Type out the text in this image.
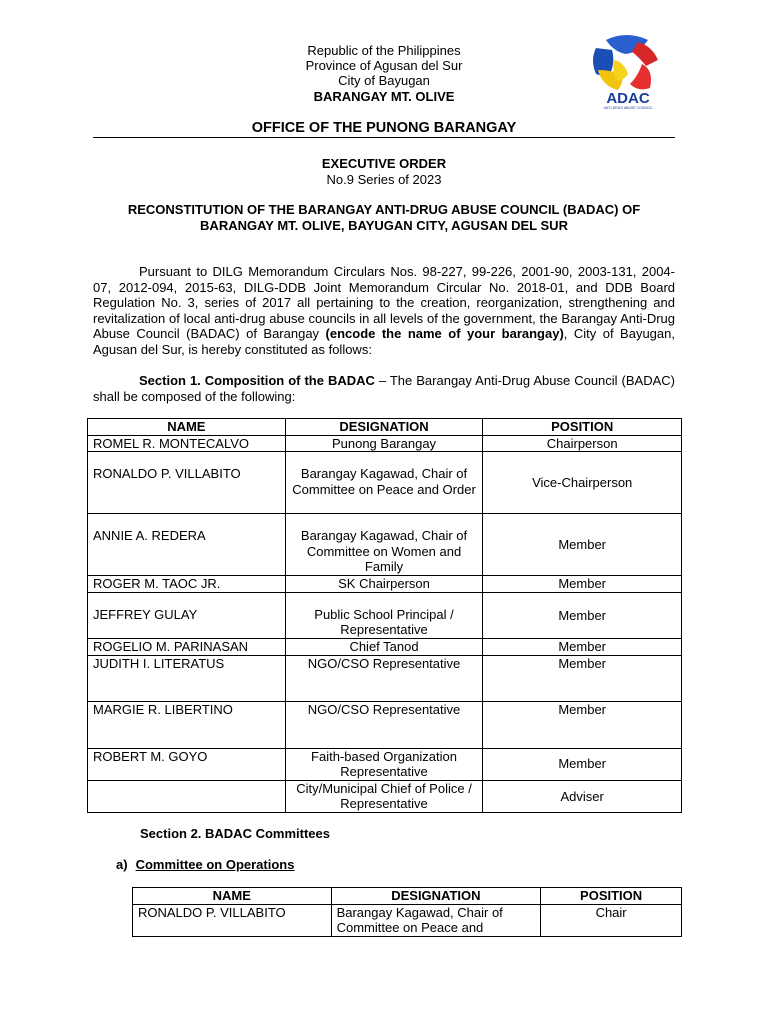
Republic of the Philippines
Province of Agusan del Sur
City of Bayugan
BARANGAY MT. OLIVE	ADAC
ANTI-DRUG ABUSE COUNCIL
OFFICE OF THE PUNONG BARANGAY
EXECUTIVE ORDER
No.9 Series of 2023
RECONSTITUTION OF THE BARANGAY ANTI-DRUG ABUSE COUNCIL (BADAC) OF
BARANGAY MT. OLIVE, BAYUGAN CITY, AGUSAN DEL SUR
Pursuant to DILG Memorandum Circulars Nos. 98-227, 99-226, 2001-90, 2003-131, 2004-07, 2012-094, 2015-63, DILG-DDB Joint Memorandum Circular No. 2018-01, and DDB Board Regulation No. 3, series of 2017 all pertaining to the creation, reorganization, strengthening and revitalization of local anti-drug abuse councils in all levels of the government, the Barangay Anti-Drug Abuse Council (BADAC) of Barangay (encode the name of your barangay), City of Bayugan, Agusan del Sur, is hereby constituted as follows:
Section 1. Composition of the BADAC – The Barangay Anti-Drug Abuse Council (BADAC) shall be composed of the following:
NAME	DESIGNATION	POSITION
ROMEL R. MONTECALVO	Punong Barangay	Chairperson
RONALDO P. VILLABITO	Barangay Kagawad, Chair of Committee on Peace and Order	Vice-Chairperson
ANNIE A. REDERA	Barangay Kagawad, Chair of Committee on Women and Family	Member
ROGER M. TAOC JR.	SK Chairperson	Member
JEFFREY GULAY	Public School Principal / Representative	Member
ROGELIO M. PARINASAN	Chief Tanod	Member
JUDITH I. LITERATUS	NGO/CSO Representative	Member
MARGIE R. LIBERTINO	NGO/CSO Representative	Member
ROBERT M. GOYO	Faith-based Organization Representative	Member
	City/Municipal Chief of Police / Representative	Adviser
Section 2. BADAC Committees
a) Committee on Operations
NAME	DESIGNATION	POSITION
RONALDO P. VILLABITO	Barangay Kagawad, Chair of
Committee on Peace and	Chair
